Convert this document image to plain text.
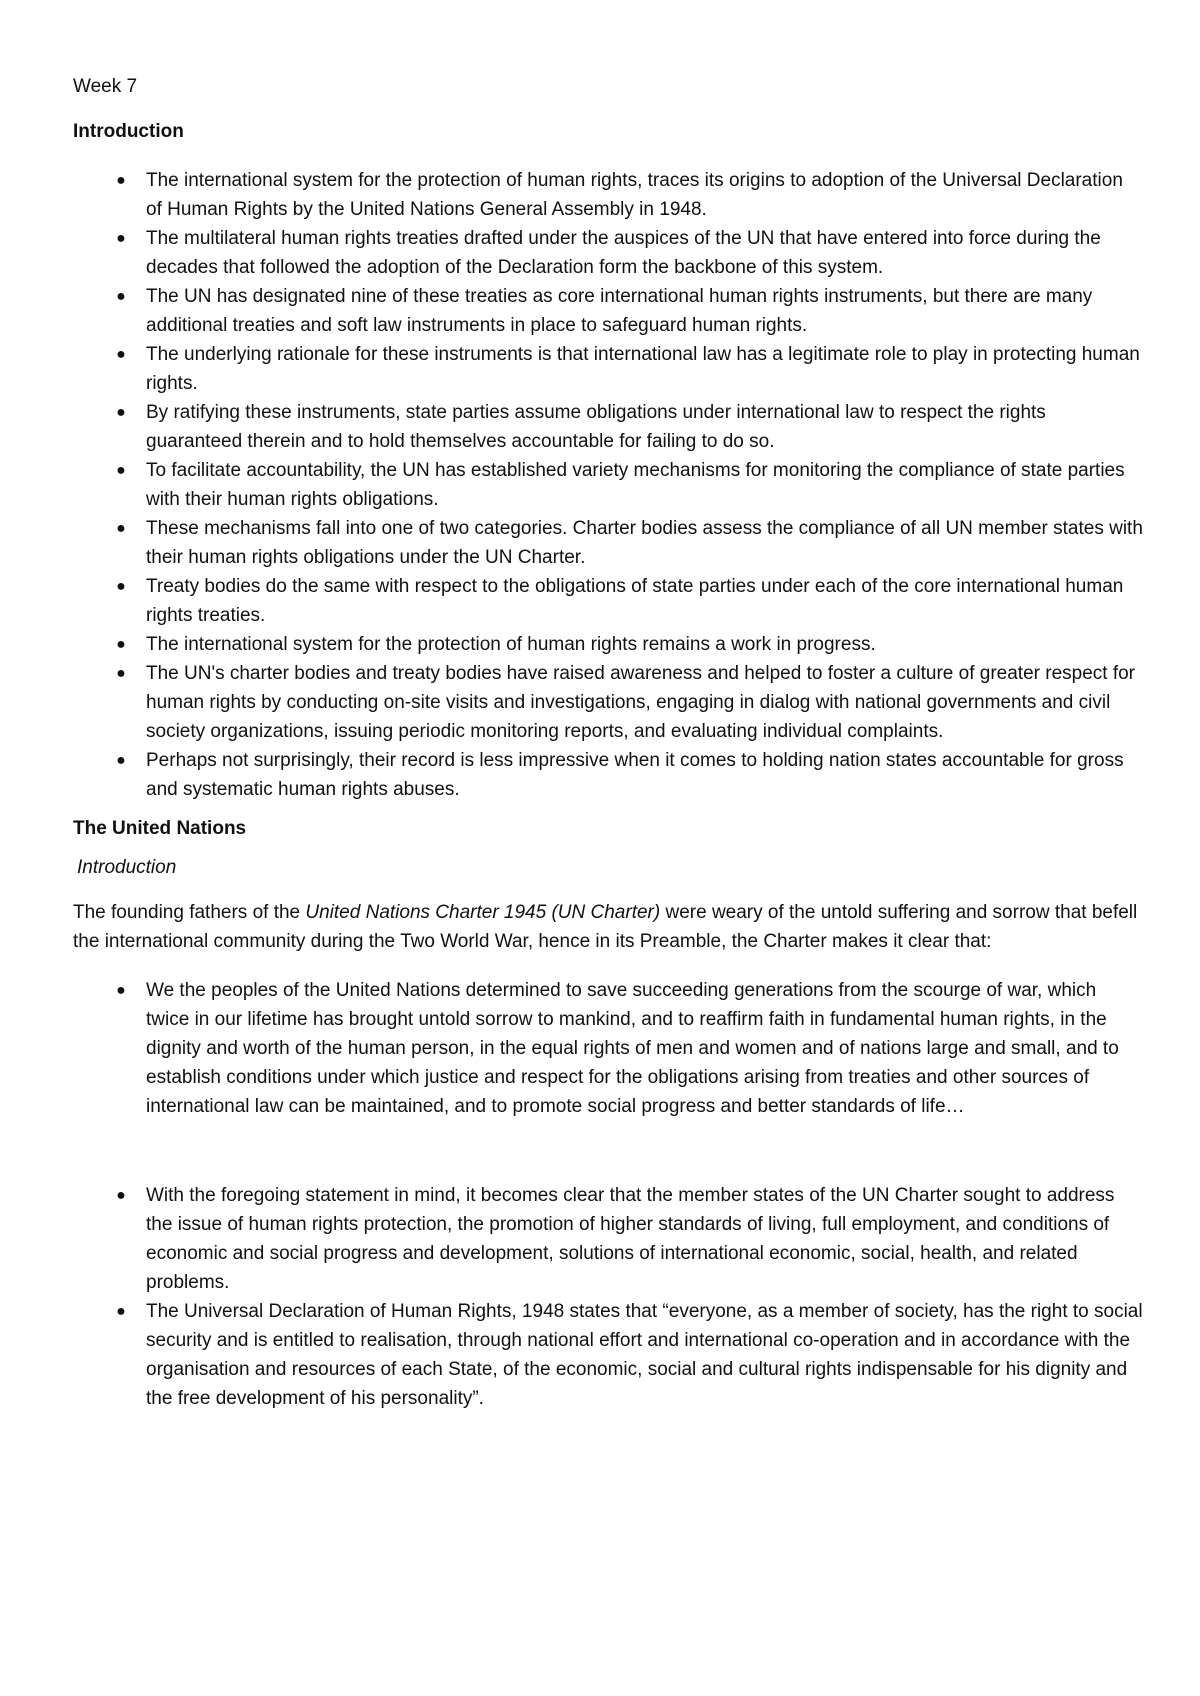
Week 7
Introduction
● The international system for the protection of human rights, traces its origins to adoption of the Universal Declaration of Human Rights by the United Nations General Assembly in 1948.
● The multilateral human rights treaties drafted under the auspices of the UN that have entered into force during the decades that followed the adoption of the Declaration form the backbone of this system.
● The UN has designated nine of these treaties as core international human rights instruments, but there are many additional treaties and soft law instruments in place to safeguard human rights.
● The underlying rationale for these instruments is that international law has a legitimate role to play in protecting human rights.
● By ratifying these instruments, state parties assume obligations under international law to respect the rights guaranteed therein and to hold themselves accountable for failing to do so.
● To facilitate accountability, the UN has established variety mechanisms for monitoring the compliance of state parties with their human rights obligations.
● These mechanisms fall into one of two categories. Charter bodies assess the compliance of all UN member states with their human rights obligations under the UN Charter.
● Treaty bodies do the same with respect to the obligations of state parties under each of the core international human rights treaties.
● The international system for the protection of human rights remains a work in progress.
● The UN's charter bodies and treaty bodies have raised awareness and helped to foster a culture of greater respect for human rights by conducting on-site visits and investigations, engaging in dialog with national governments and civil society organizations, issuing periodic monitoring reports, and evaluating individual complaints.
● Perhaps not surprisingly, their record is less impressive when it comes to holding nation states accountable for gross and systematic human rights abuses.
The United Nations
Introduction

The founding fathers of the United Nations Charter 1945 (UN Charter) were weary of the untold suffering and sorrow that befell the international community during the Two World War, hence in its Preamble, the Charter makes it clear that:

● We the peoples of the United Nations determined to save succeeding generations from the scourge of war, which twice in our lifetime has brought untold sorrow to mankind, and to reaffirm faith in fundamental human rights, in the dignity and worth of the human person, in the equal rights of men and women and of nations large and small, and to establish conditions under which justice and respect for the obligations arising from treaties and other sources of international law can be maintained, and to promote social progress and better standards of life…
● With the foregoing statement in mind, it becomes clear that the member states of the UN Charter sought to address the issue of human rights protection, the promotion of higher standards of living, full employment, and conditions of economic and social progress and development, solutions of international economic, social, health, and related problems.
● The Universal Declaration of Human Rights, 1948 states that “everyone, as a member of society, has the right to social security and is entitled to realisation, through national effort and international co-operation and in accordance with the organisation and resources of each State, of the economic, social and cultural rights indispensable for his dignity and the free development of his personality”.
